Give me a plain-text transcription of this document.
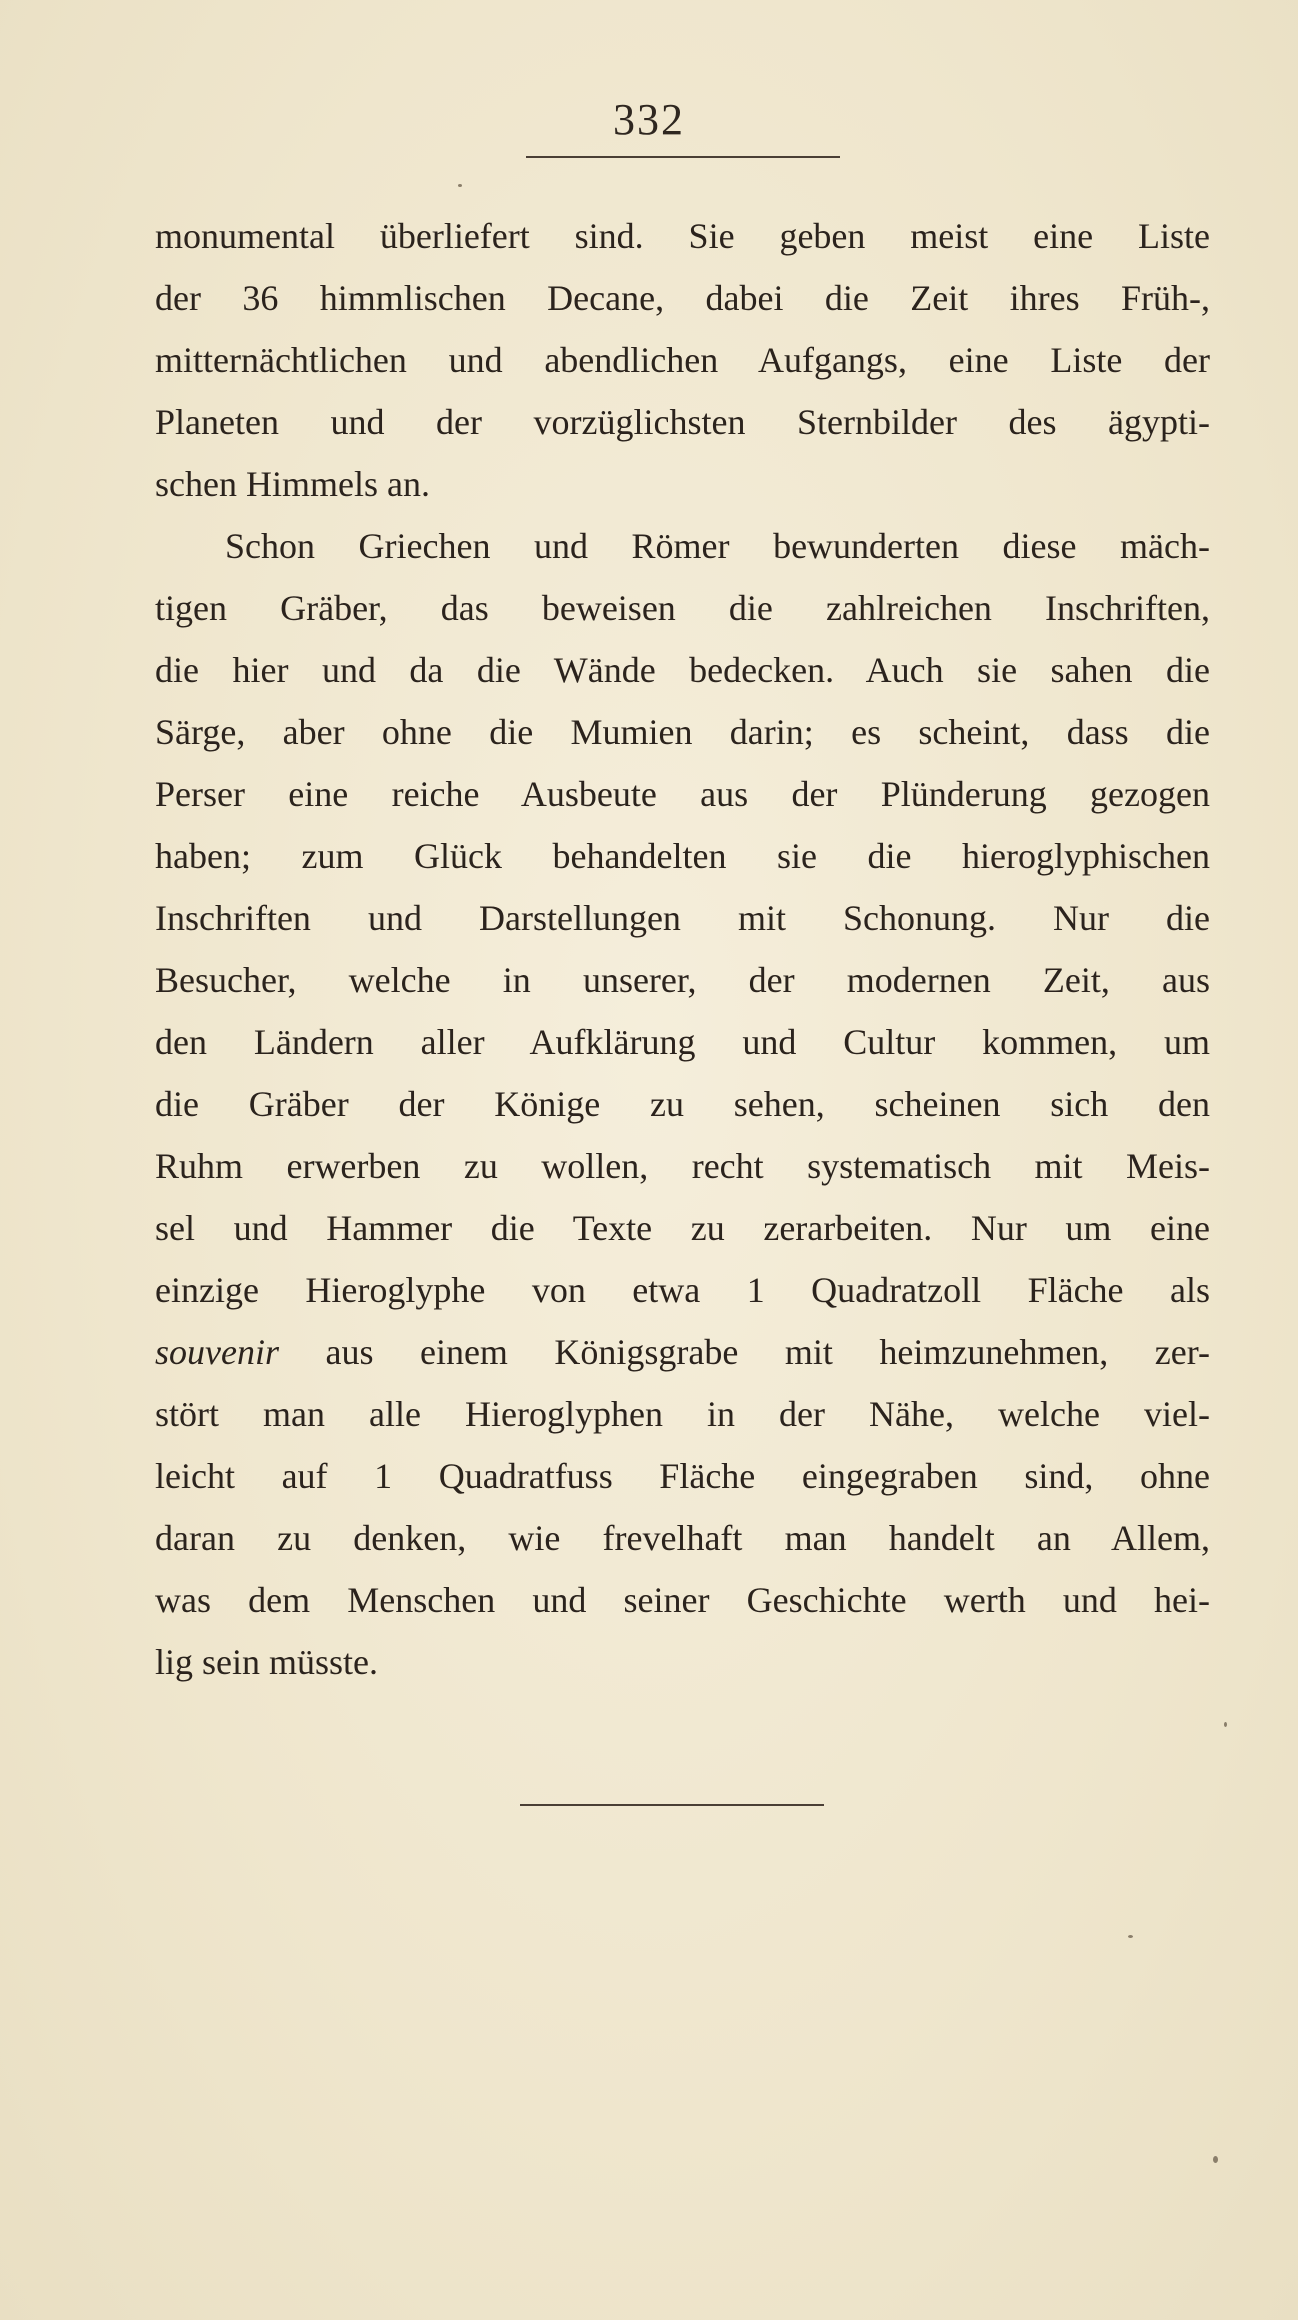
332
monumental überliefert sind. Sie geben meist eine Liste
der 36 himmlischen Decane, dabei die Zeit ihres Früh-,
mitternächtlichen und abendlichen Aufgangs, eine Liste der
Planeten und der vorzüglichsten Sternbilder des ägypti-
schen Himmels an.
Schon Griechen und Römer bewunderten diese mäch-
tigen Gräber, das beweisen die zahlreichen Inschriften,
die hier und da die Wände bedecken. Auch sie sahen die
Särge, aber ohne die Mumien darin; es scheint, dass die
Perser eine reiche Ausbeute aus der Plünderung gezogen
haben; zum Glück behandelten sie die hieroglyphischen
Inschriften und Darstellungen mit Schonung. Nur die
Besucher, welche in unserer, der modernen Zeit, aus
den Ländern aller Aufklärung und Cultur kommen, um
die Gräber der Könige zu sehen, scheinen sich den
Ruhm erwerben zu wollen, recht systematisch mit Meis-
sel und Hammer die Texte zu zerarbeiten. Nur um eine
einzige Hieroglyphe von etwa 1 Quadratzoll Fläche als
souvenir aus einem Königsgrabe mit heimzunehmen, zer-
stört man alle Hieroglyphen in der Nähe, welche viel-
leicht auf 1 Quadratfuss Fläche eingegraben sind, ohne
daran zu denken, wie frevelhaft man handelt an Allem,
was dem Menschen und seiner Geschichte werth und hei-
lig sein müsste.
